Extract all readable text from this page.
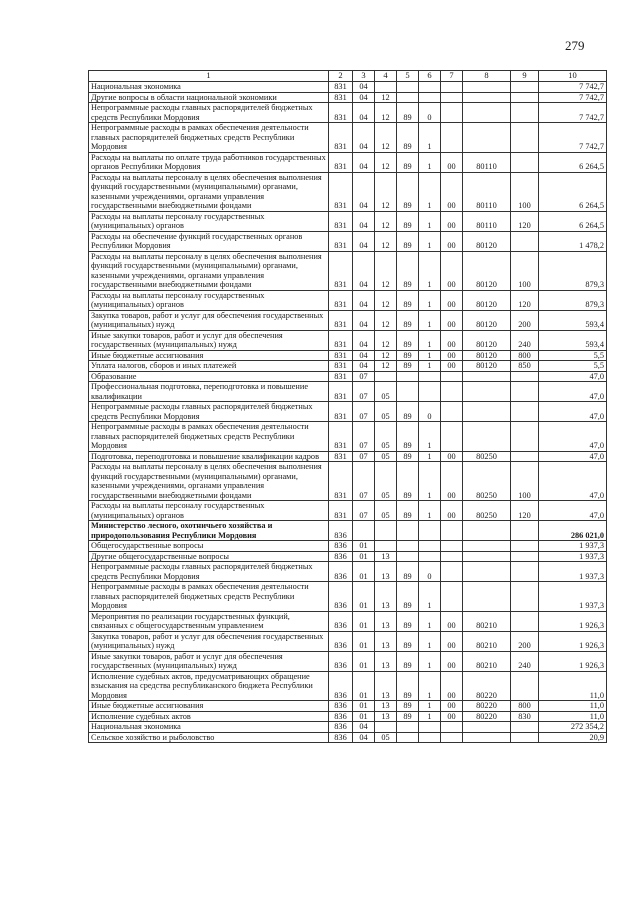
279
1	2	3	4	5	6	7	8	9	10
Национальная экономика	831	04							7 742,7
Другие вопросы в области национальной экономики	831	04	12						7 742,7
Непрограммные расходы главных распорядителей бюджетных средств Республики Мордовия	831	04	12	89	0				7 742,7
Непрограммные расходы в рамках обеспечения деятельности главных распорядителей бюджетных средств Республики Мордовия	831	04	12	89	1				7 742,7
Расходы на выплаты по оплате труда работников государственных органов Республики Мордовия	831	04	12	89	1	00	80110		6 264,5
Расходы на выплаты персоналу в целях обеспечения выполнения функций государственными (муниципальными) органами, казенными учреждениями, органами управления государственными внебюджетными фондами	831	04	12	89	1	00	80110	100	6 264,5
Расходы на выплаты персоналу государственных (муниципальных) органов	831	04	12	89	1	00	80110	120	6 264,5
Расходы на обеспечение функций государственных органов Республики Мордовия	831	04	12	89	1	00	80120		1 478,2
Расходы на выплаты персоналу в целях обеспечения выполнения функций государственными (муниципальными) органами, казенными учреждениями, органами управления государственными внебюджетными фондами	831	04	12	89	1	00	80120	100	879,3
Расходы на выплаты персоналу государственных (муниципальных) органов	831	04	12	89	1	00	80120	120	879,3
Закупка товаров, работ и услуг для обеспечения государственных (муниципальных) нужд	831	04	12	89	1	00	80120	200	593,4
Иные закупки товаров, работ и услуг для обеспечения государственных (муниципальных) нужд	831	04	12	89	1	00	80120	240	593,4
Иные бюджетные ассигнования	831	04	12	89	1	00	80120	800	5,5
Уплата налогов, сборов и иных платежей	831	04	12	89	1	00	80120	850	5,5
Образование	831	07							47,0
Профессиональная подготовка, переподготовка и повышение квалификации	831	07	05						47,0
Непрограммные расходы главных распорядителей бюджетных средств Республики Мордовия	831	07	05	89	0				47,0
Непрограммные расходы в рамках обеспечения деятельности главных распорядителей бюджетных средств Республики Мордовия	831	07	05	89	1				47,0
Подготовка, переподготовка и повышение квалификации кадров	831	07	05	89	1	00	80250		47,0
Расходы на выплаты персоналу в целях обеспечения выполнения функций государственными (муниципальными) органами, казенными учреждениями, органами управления государственными внебюджетными фондами	831	07	05	89	1	00	80250	100	47,0
Расходы на выплаты персоналу государственных (муниципальных) органов	831	07	05	89	1	00	80250	120	47,0
Министерство лесного, охотничьего хозяйства и природопользования Республики Мордовия	836								286 021,0
Общегосударственные вопросы	836	01							1 937,3
Другие общегосударственные вопросы	836	01	13						1 937,3
Непрограммные расходы главных распорядителей бюджетных средств Республики Мордовия	836	01	13	89	0				1 937,3
Непрограммные расходы в рамках обеспечения деятельности главных распорядителей бюджетных средств Республики Мордовия	836	01	13	89	1				1 937,3
Мероприятия по реализации государственных функций, связанных с общегосударственным управлением	836	01	13	89	1	00	80210		1 926,3
Закупка товаров, работ и услуг для обеспечения государственных (муниципальных) нужд	836	01	13	89	1	00	80210	200	1 926,3
Иные закупки товаров, работ и услуг для обеспечения государственных (муниципальных) нужд	836	01	13	89	1	00	80210	240	1 926,3
Исполнение судебных актов, предусматривающих обращение взыскания на средства республиканского бюджета Республики Мордовия	836	01	13	89	1	00	80220		11,0
Иные бюджетные ассигнования	836	01	13	89	1	00	80220	800	11,0
Исполнение судебных актов	836	01	13	89	1	00	80220	830	11,0
Национальная экономика	836	04							272 354,2
Сельское хозяйство и рыболовство	836	04	05						20,9
